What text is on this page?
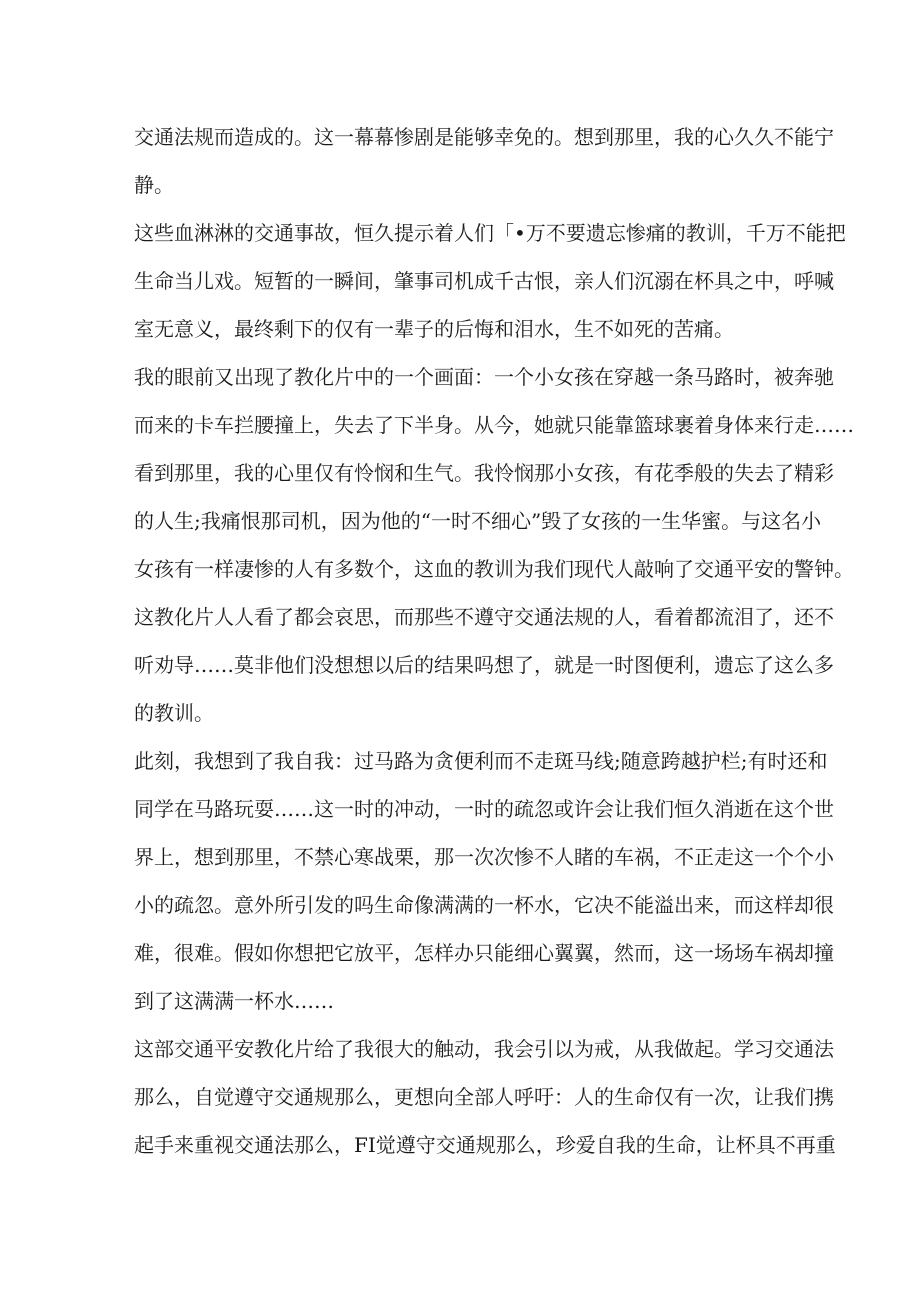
交通法规而造成的。这一幕幕惨剧是能够幸免的。想到那里，我的心久久不能宁
静。
这些血淋淋的交通事故，恒久提示着人们「•万不要遗忘惨痛的教训，千万不能把
生命当儿戏。短暂的一瞬间，肇事司机成千古恨，亲人们沉溺在杯具之中，呼喊
室无意义，最终剩下的仅有一辈子的后悔和泪水，生不如死的苦痛。
我的眼前又出现了教化片中的一个画面：一个小女孩在穿越一条马路时，被奔驰
而来的卡车拦腰撞上，失去了下半身。从今，她就只能靠篮球裹着身体来行走……
看到那里，我的心里仅有怜悯和生气。我怜悯那小女孩，有花季般的失去了精彩
的人生;我痛恨那司机，因为他的“一时不细心”毁了女孩的一生华蜜。与这名小
女孩有一样凄惨的人有多数个，这血的教训为我们现代人敲响了交通平安的警钟。
这教化片人人看了都会哀思，而那些不遵守交通法规的人，看着都流泪了，还不
听劝导……莫非他们没想想以后的结果吗想了，就是一时图便利，遗忘了这么多
的教训。
此刻，我想到了我自我：过马路为贪便利而不走斑马线;随意跨越护栏;有时还和
同学在马路玩耍……这一时的冲动，一时的疏忽或许会让我们恒久消逝在这个世
界上，想到那里，不禁心寒战栗，那一次次惨不人睹的车祸，不正走这一个个小
小的疏忽。意外所引发的吗生命像满满的一杯水，它决不能溢出来，而这样却很
难，很难。假如你想把它放平，怎样办只能细心翼翼，然而，这一场场车祸却撞
到了这满满一杯水……
这部交通平安教化片给了我很大的触动，我会引以为戒，从我做起。学习交通法
那么，自觉遵守交通规那么，更想向全部人呼吁：人的生命仅有一次，让我们携
起手来重视交通法那么，FI觉遵守交通规那么，珍爱自我的生命，让杯具不再重
